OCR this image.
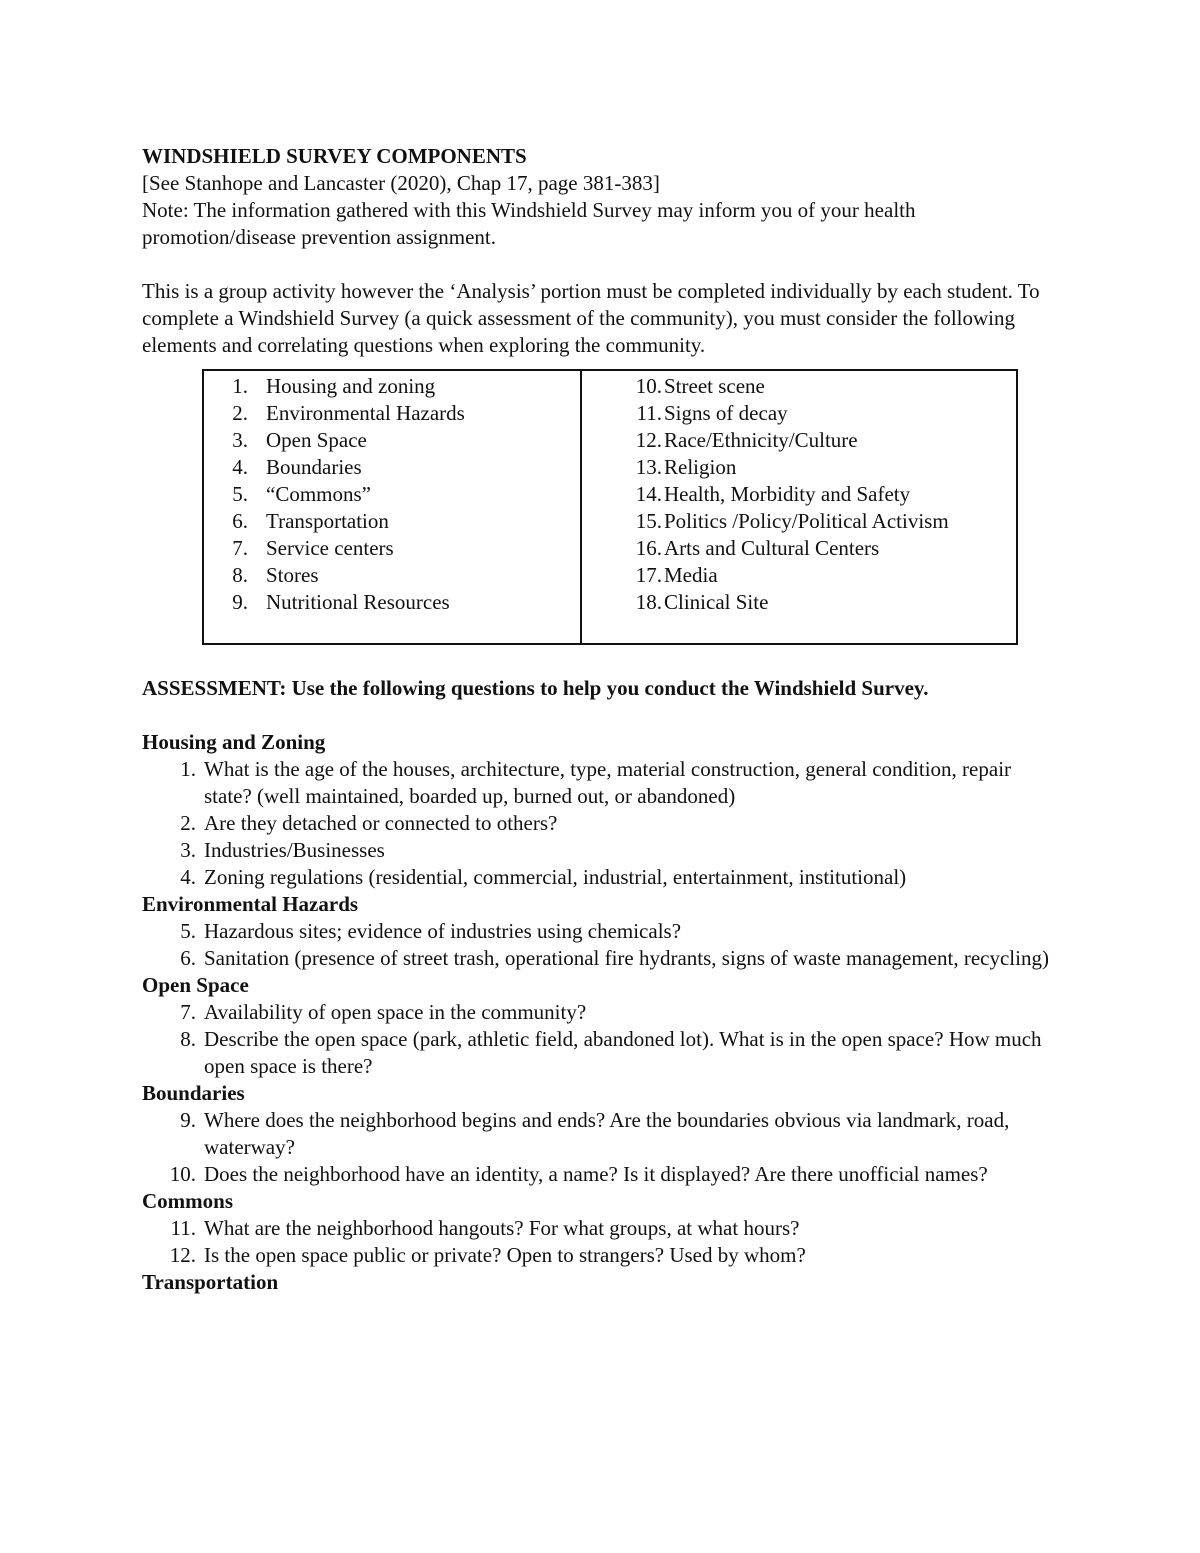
WINDSHIELD SURVEY COMPONENTS

[See Stanhope and Lancaster (2020), Chap 17, page 381-383]

Note: The information gathered with this Windshield Survey may inform you of your health promotion/disease prevention assignment.

This is a group activity however the ‘Analysis’ portion must be completed individually by each student. To complete a Windshield Survey (a quick assessment of the community), you must consider the following elements and correlating questions when exploring the community.

1. Housing and zoning
2. Environmental Hazards
3. Open Space
4. Boundaries
5. “Commons”
6. Transportation
7. Service centers
8. Stores
9. Nutritional Resources
10. Street scene
11. Signs of decay
12. Race/Ethnicity/Culture
13. Religion
14. Health, Morbidity and Safety
15. Politics /Policy/Political Activism
16. Arts and Cultural Centers
17. Media
18. Clinical Site

ASSESSMENT: Use the following questions to help you conduct the Windshield Survey.

Housing and Zoning

1. What is the age of the houses, architecture, type, material construction, general condition, repair state? (well maintained, boarded up, burned out, or abandoned)
2. Are they detached or connected to others?
3. Industries/Businesses
4. Zoning regulations (residential, commercial, industrial, entertainment, institutional)

Environmental Hazards

5. Hazardous sites; evidence of industries using chemicals?
6. Sanitation (presence of street trash, operational fire hydrants, signs of waste management, recycling)

Open Space

7. Availability of open space in the community?
8. Describe the open space (park, athletic field, abandoned lot). What is in the open space? How much open space is there?

Boundaries

9. Where does the neighborhood begins and ends? Are the boundaries obvious via landmark, road, waterway?
10. Does the neighborhood have an identity, a name? Is it displayed? Are there unofficial names?

Commons

11. What are the neighborhood hangouts? For what groups, at what hours?
12. Is the open space public or private? Open to strangers? Used by whom?

Transportation
